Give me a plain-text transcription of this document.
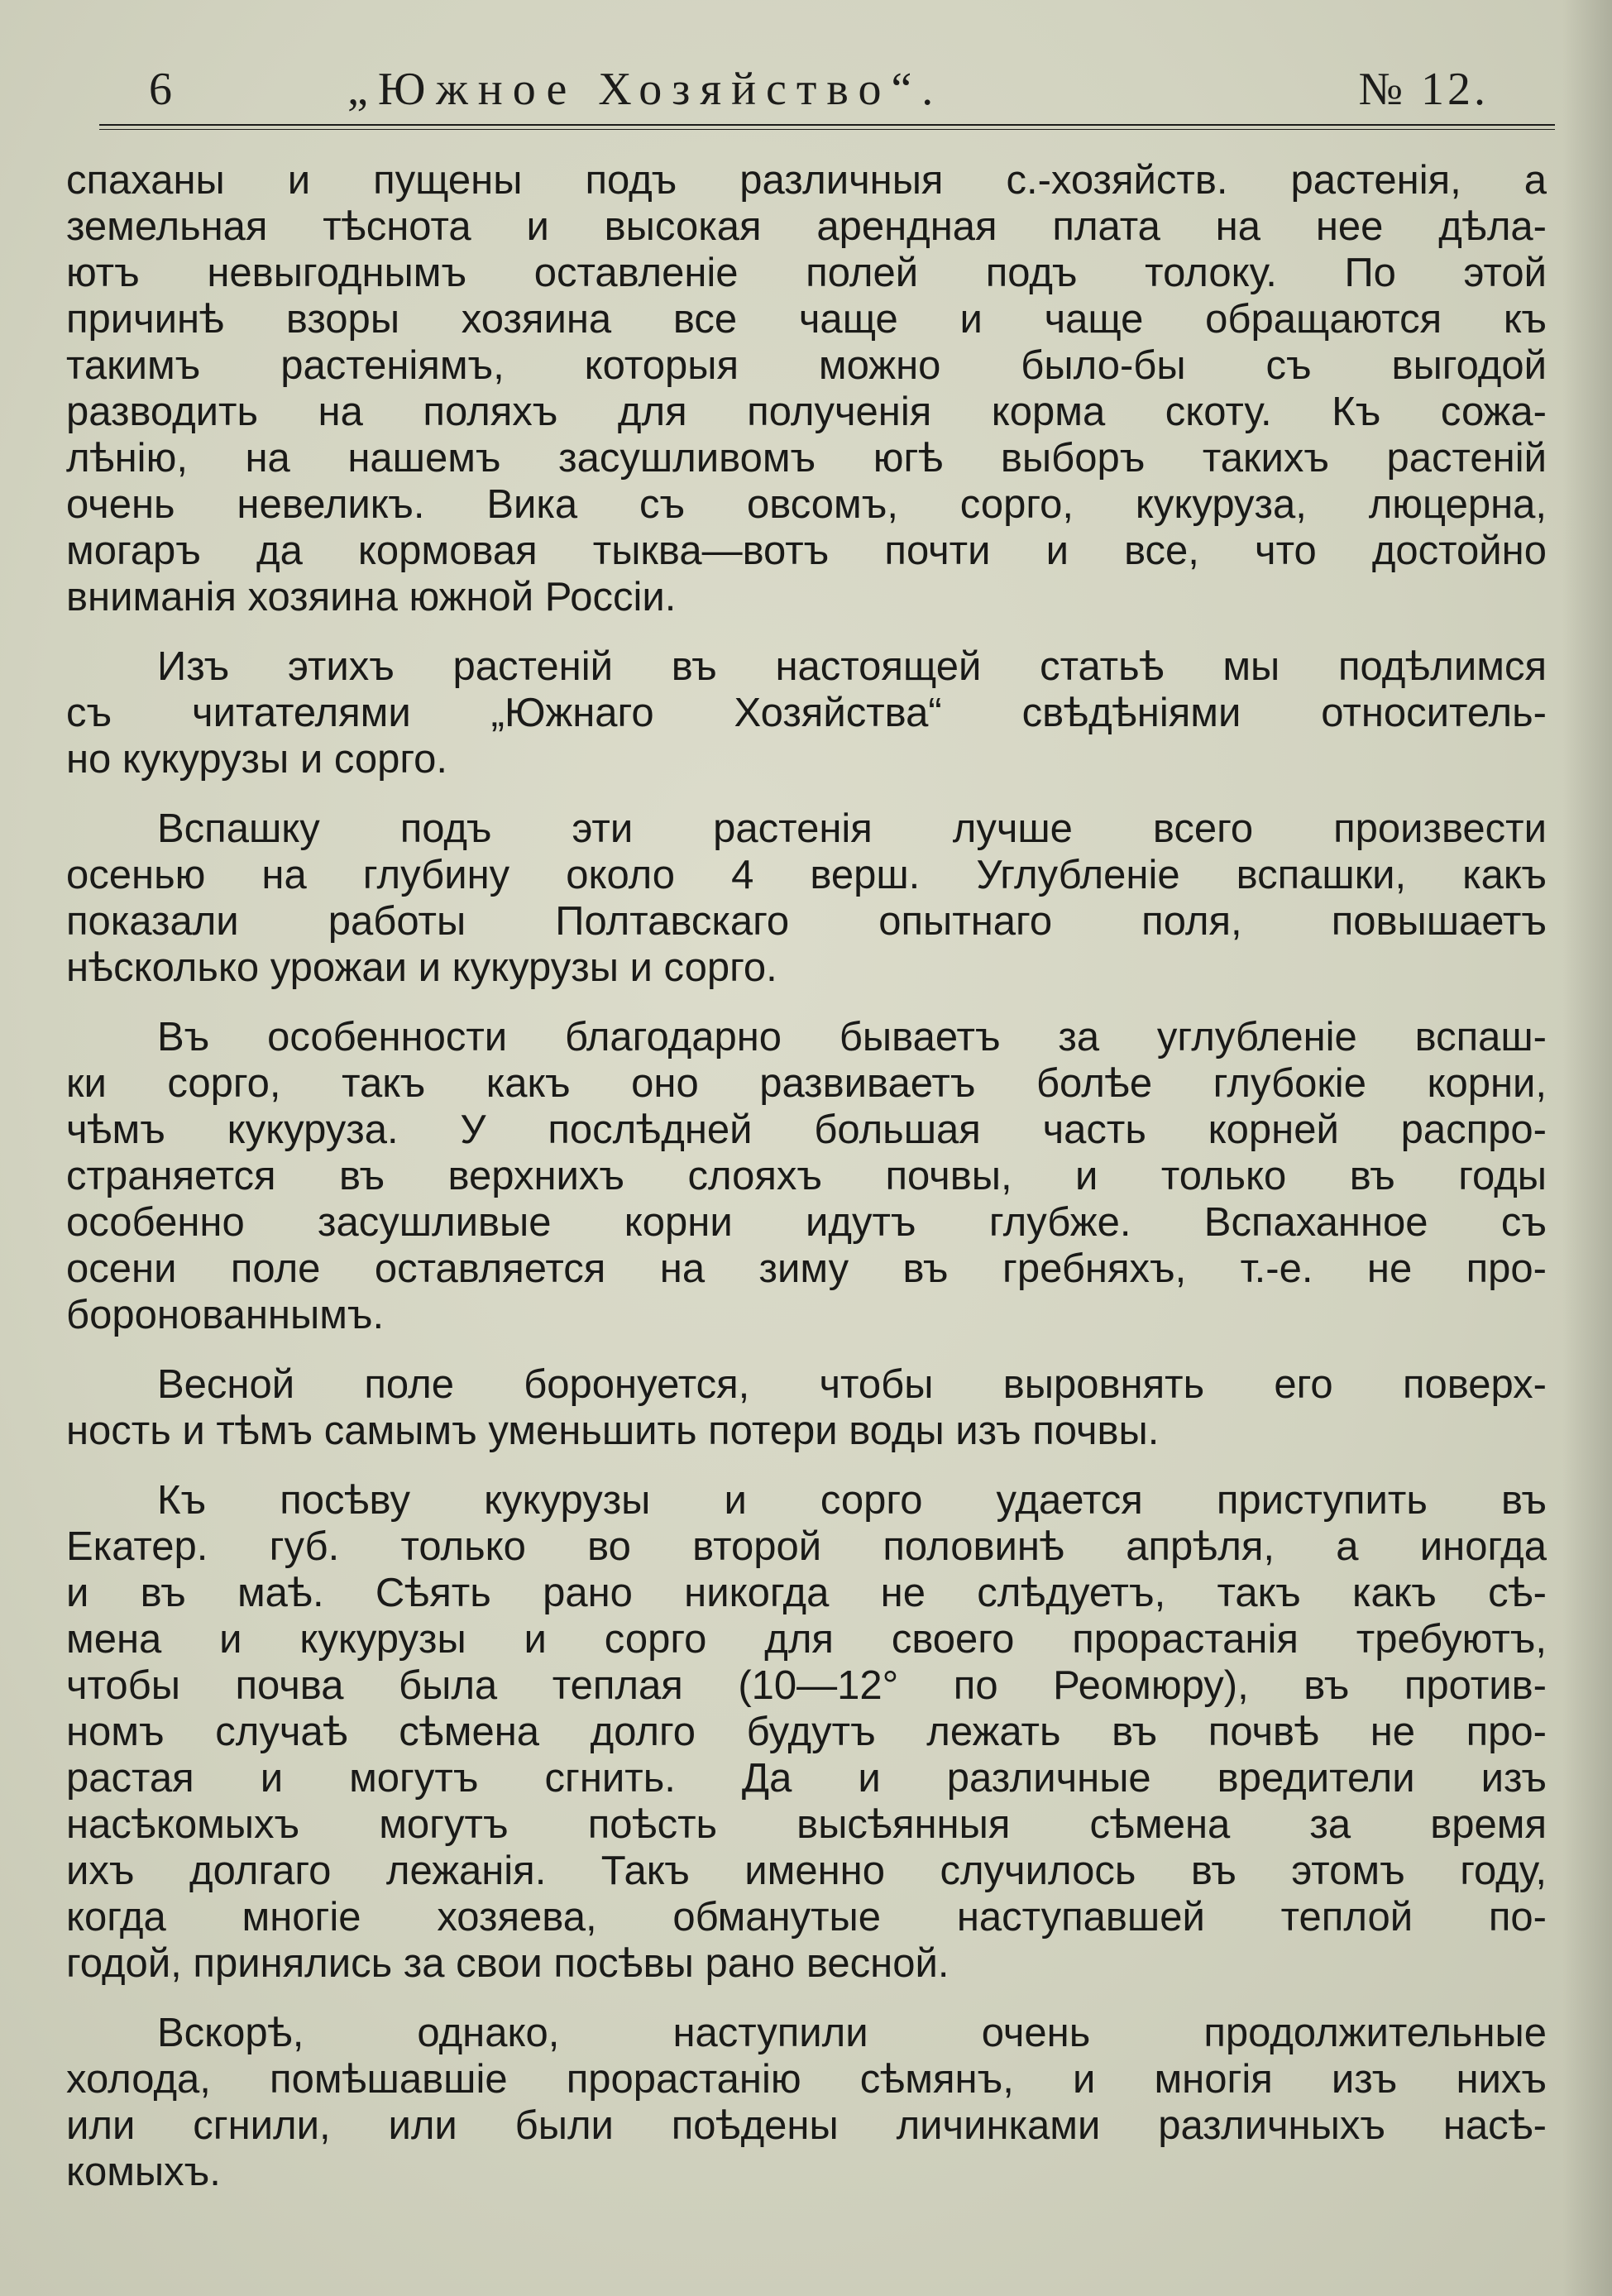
6	„Южное Хозяйство“.	№ 12.
спаханы и пущены подъ различныя с.-хозяйств. растенія, а
земельная тѣснота и высокая арендная плата на нее дѣла-
ютъ невыгоднымъ оставленіе полей подъ толоку. По этой
причинѣ взоры хозяина все чаще и чаще обращаются къ
такимъ растеніямъ, которыя можно было-бы съ выгодой
разводить на поляхъ для полученія корма скоту. Къ сожа-
лѣнію, на нашемъ засушливомъ югѣ выборъ такихъ растеній
очень невеликъ. Вика съ овсомъ, сорго, кукуруза, люцерна,
могаръ да кормовая тыква—вотъ почти и все, что достойно
вниманія хозяина южной Россіи.
Изъ этихъ растеній въ настоящей статьѣ мы подѣлимся
съ читателями „Южнаго Хозяйства“ свѣдѣніями относитель-
но кукурузы и сорго.
Вспашку подъ эти растенія лучше всего произвести
осенью на глубину около 4 верш. Углубленіе вспашки, какъ
показали работы Полтавскаго опытнаго поля, повышаетъ
нѣсколько урожаи и кукурузы и сорго.
Въ особенности благодарно бываетъ за углубленіе вспаш-
ки сорго, такъ какъ оно развиваетъ болѣе глубокіе корни,
чѣмъ кукуруза. У послѣдней большая часть корней распро-
страняется въ верхнихъ слояхъ почвы, и только въ годы
особенно засушливые корни идутъ глубже. Вспаханное съ
осени поле оставляется на зиму въ гребняхъ, т.-е. не про-
боронованнымъ.
Весной поле боронуется, чтобы выровнять его поверх-
ность и тѣмъ самымъ уменьшить потери воды изъ почвы.
Къ посѣву кукурузы и сорго удается приступить въ
Екатер. губ. только во второй половинѣ апрѣля, а иногда
и въ маѣ. Сѣять рано никогда не слѣдуетъ, такъ какъ сѣ-
мена и кукурузы и сорго для своего прорастанія требуютъ,
чтобы почва была теплая (10—12° по Реомюру), въ против-
номъ случаѣ сѣмена долго будутъ лежать въ почвѣ не про-
растая и могутъ сгнить. Да и различные вредители изъ
насѣкомыхъ могутъ поѣсть высѣянныя сѣмена за время
ихъ долгаго лежанія. Такъ именно случилось въ этомъ году,
когда многіе хозяева, обманутые наступавшей теплой по-
годой, принялись за свои посѣвы рано весной.
Вскорѣ, однако, наступили очень продолжительные
холода, помѣшавшіе прорастанію сѣмянъ, и многія изъ нихъ
или сгнили, или были поѣдены личинками различныхъ насѣ-
комыхъ.
